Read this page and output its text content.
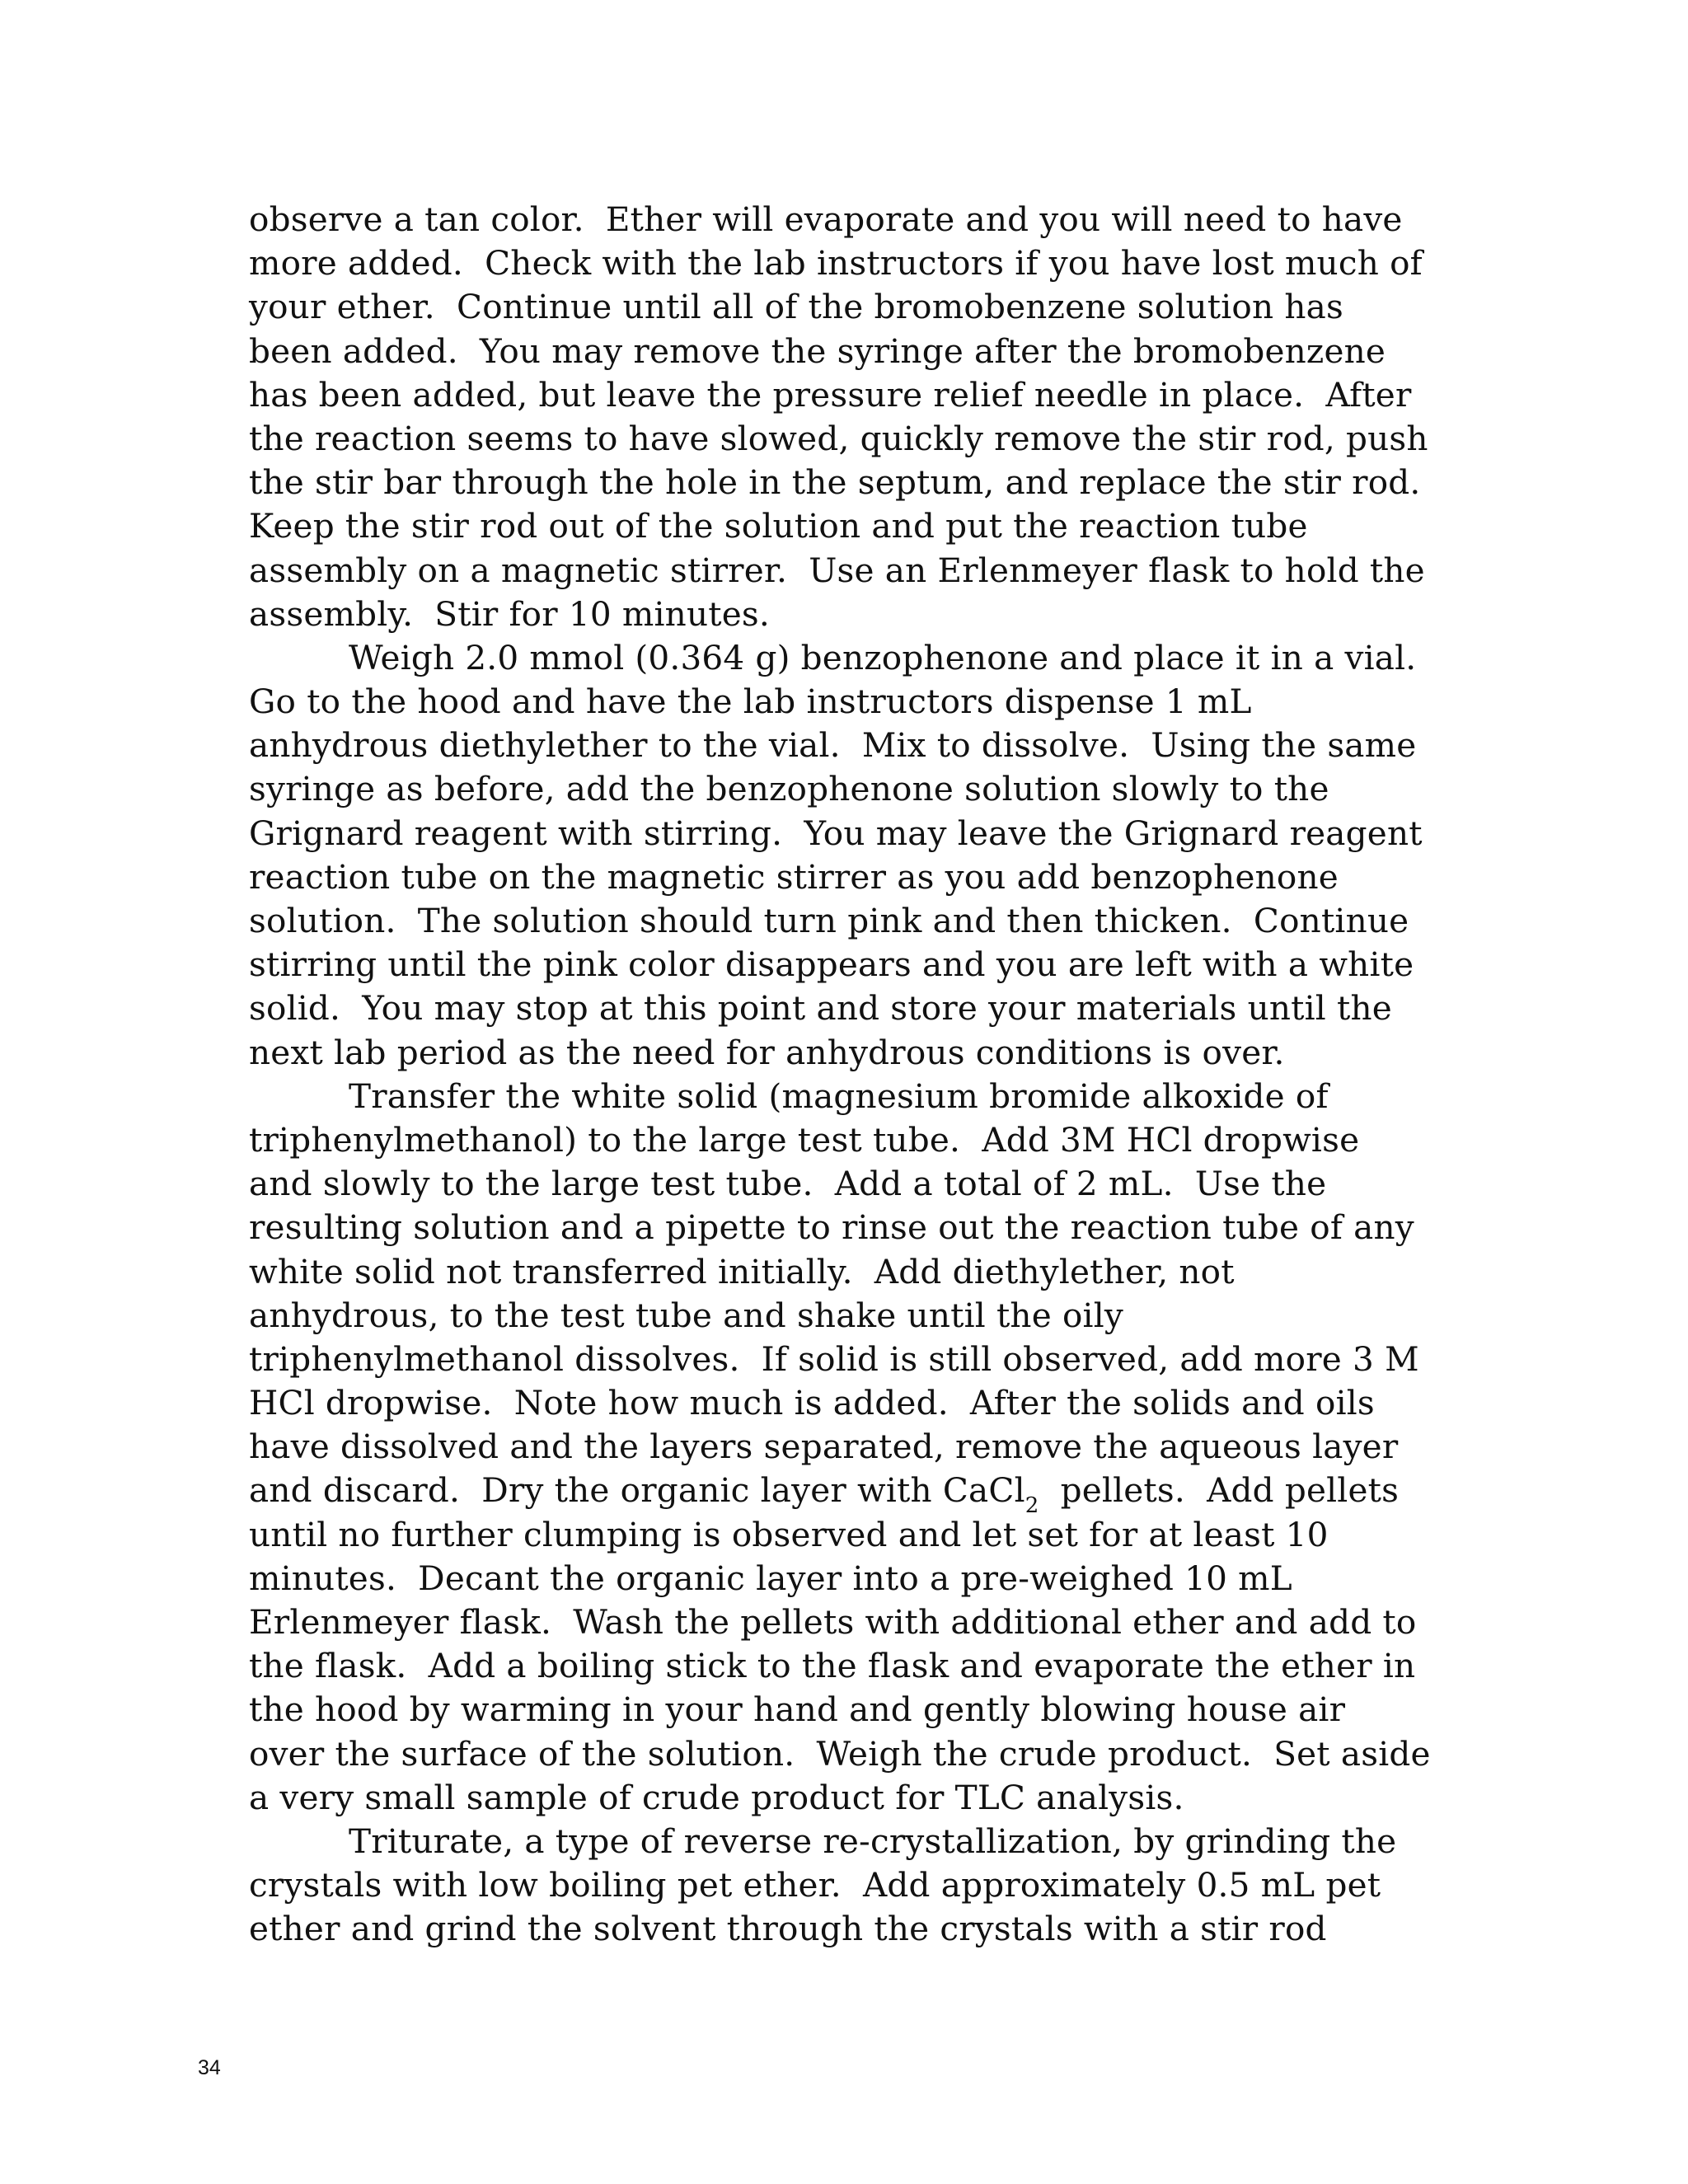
observe a tan color.  Ether will evaporate and you will need to have
more added.  Check with the lab instructors if you have lost much of
your ether.  Continue until all of the bromobenzene solution has
been added.  You may remove the syringe after the bromobenzene
has been added, but leave the pressure relief needle in place.  After
the reaction seems to have slowed, quickly remove the stir rod, push
the stir bar through the hole in the septum, and replace the stir rod.
Keep the stir rod out of the solution and put the reaction tube
assembly on a magnetic stirrer.  Use an Erlenmeyer flask to hold the
assembly.  Stir for 10 minutes.
Weigh 2.0 mmol (0.364 g) benzophenone and place it in a vial.
Go to the hood and have the lab instructors dispense 1 mL
anhydrous diethylether to the vial.  Mix to dissolve.  Using the same
syringe as before, add the benzophenone solution slowly to the
Grignard reagent with stirring.  You may leave the Grignard reagent
reaction tube on the magnetic stirrer as you add benzophenone
solution.  The solution should turn pink and then thicken.  Continue
stirring until the pink color disappears and you are left with a white
solid.  You may stop at this point and store your materials until the
next lab period as the need for anhydrous conditions is over.
Transfer the white solid (magnesium bromide alkoxide of
triphenylmethanol) to the large test tube.  Add 3M HCl dropwise
and slowly to the large test tube.  Add a total of 2 mL.  Use the
resulting solution and a pipette to rinse out the reaction tube of any
white solid not transferred initially.  Add diethylether, not
anhydrous, to the test tube and shake until the oily
triphenylmethanol dissolves.  If solid is still observed, add more 3 M
HCl dropwise.  Note how much is added.  After the solids and oils
have dissolved and the layers separated, remove the aqueous layer
and discard.  Dry the organic layer with CaCl$_2$  pellets.  Add pellets
until no further clumping is observed and let set for at least 10
minutes.  Decant the organic layer into a pre-weighed 10 mL
Erlenmeyer flask.  Wash the pellets with additional ether and add to
the flask.  Add a boiling stick to the flask and evaporate the ether in
the hood by warming in your hand and gently blowing house air
over the surface of the solution.  Weigh the crude product.  Set aside
a very small sample of crude product for TLC analysis.
Triturate, a type of reverse re-crystallization, by grinding the
crystals with low boiling pet ether.  Add approximately 0.5 mL pet
ether and grind the solvent through the crystals with a stir rod
34
